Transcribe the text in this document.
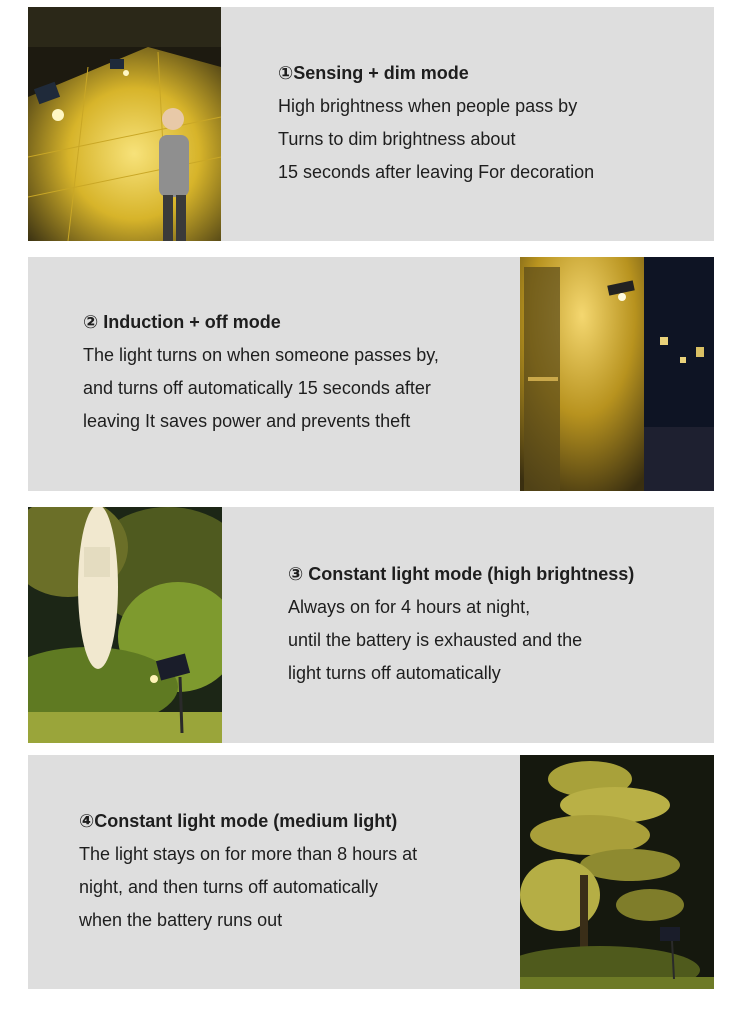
①Sensing + dim mode
High brightness when people pass by
Turns to dim brightness about
15 seconds after leaving For decoration
② Induction + off mode
The light turns on when someone passes by,
and turns off automatically 15 seconds after
leaving It saves power and prevents theft
③ Constant light mode (high brightness)
Always on for 4 hours at night,
until the battery is exhausted and the
light turns off automatically
④Constant light mode (medium light)
The light stays on for more than 8 hours at
night, and then turns off automatically
when the battery runs out
